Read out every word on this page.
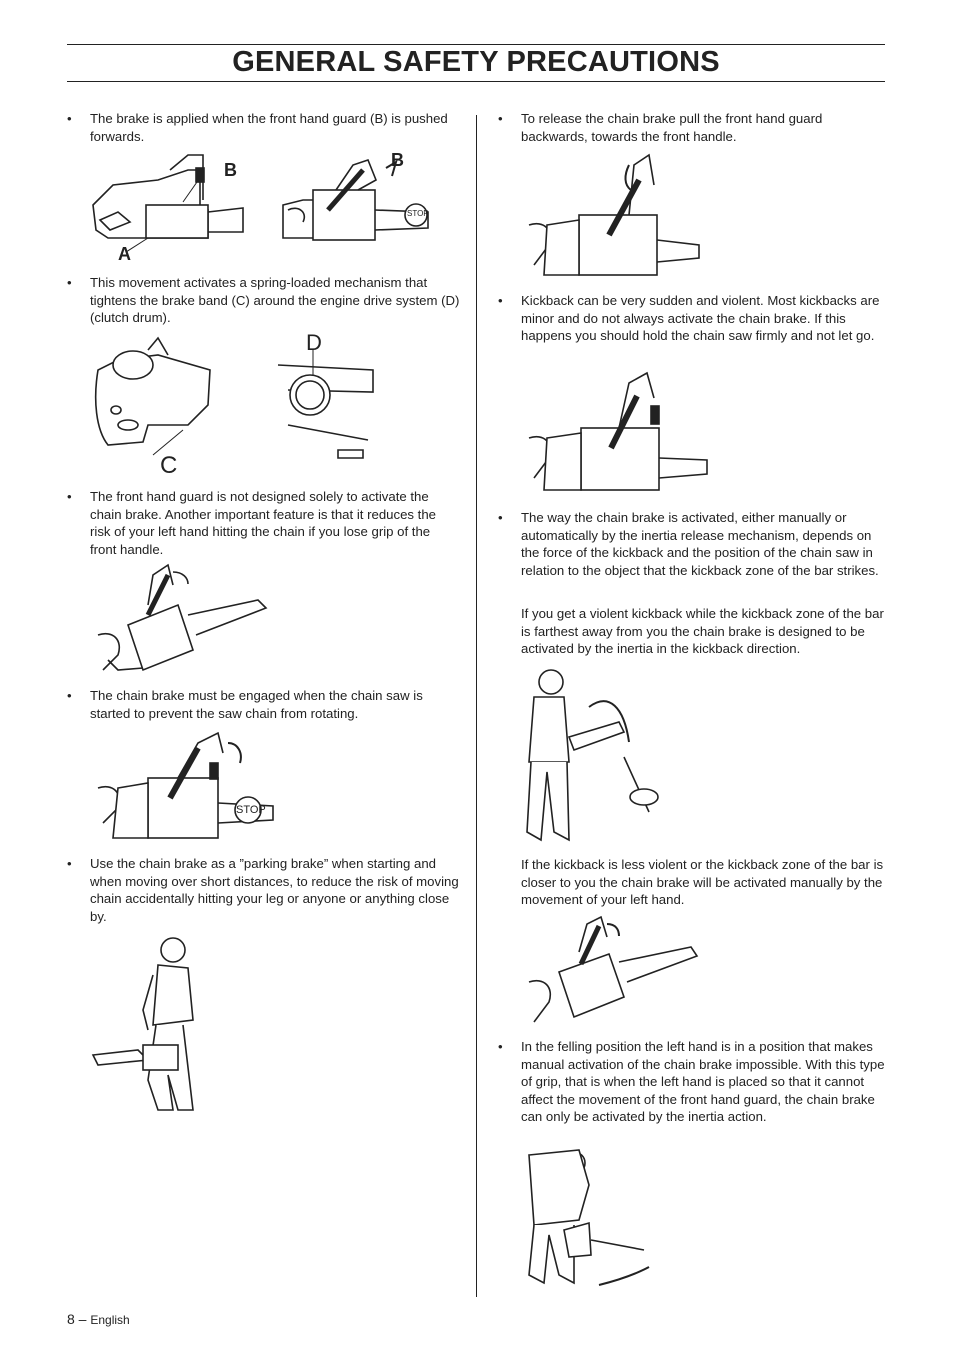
GENERAL SAFETY PRECAUTIONS
• The brake is applied when the front hand guard (B) is pushed forwards.
A
B	B
STOP
• This movement activates a spring-loaded mechanism that tightens the brake band (C) around the engine drive system (D) (clutch drum).
C
D
• The front hand guard is not designed solely to activate the chain brake. Another important feature is that it reduces the risk of your left hand hitting the chain if you lose grip of the front handle.
• The chain brake must be engaged when the chain saw is started to prevent the saw chain from rotating.
STOP
• Use the chain brake as a ”parking brake” when starting and when moving over short distances, to reduce the risk of moving chain accidentally hitting your leg or anyone or anything close by.
• To release the chain brake pull the front hand guard backwards, towards the front handle.
• Kickback can be very sudden and violent. Most kickbacks are minor and do not always activate the chain brake. If this happens you should hold the chain saw firmly and not let go.
• The way the chain brake is activated, either manually or automatically by the inertia release mechanism, depends on the force of the kickback and the position of the chain saw in relation to the object that the kickback zone of the bar strikes.
If you get a violent kickback while the kickback zone of the bar is farthest away from you the chain brake is designed to be activated by the inertia in the kickback direction.
If the kickback is less violent or the kickback zone of the bar is closer to you the chain brake will be activated manually by the movement of your left hand.
• In the felling position the left hand is in a position that makes manual activation of the chain brake impossible. With this type of grip, that is when the left hand is placed so that it cannot affect the movement of the front hand guard, the chain brake can only be activated by the inertia action.
8 – English
